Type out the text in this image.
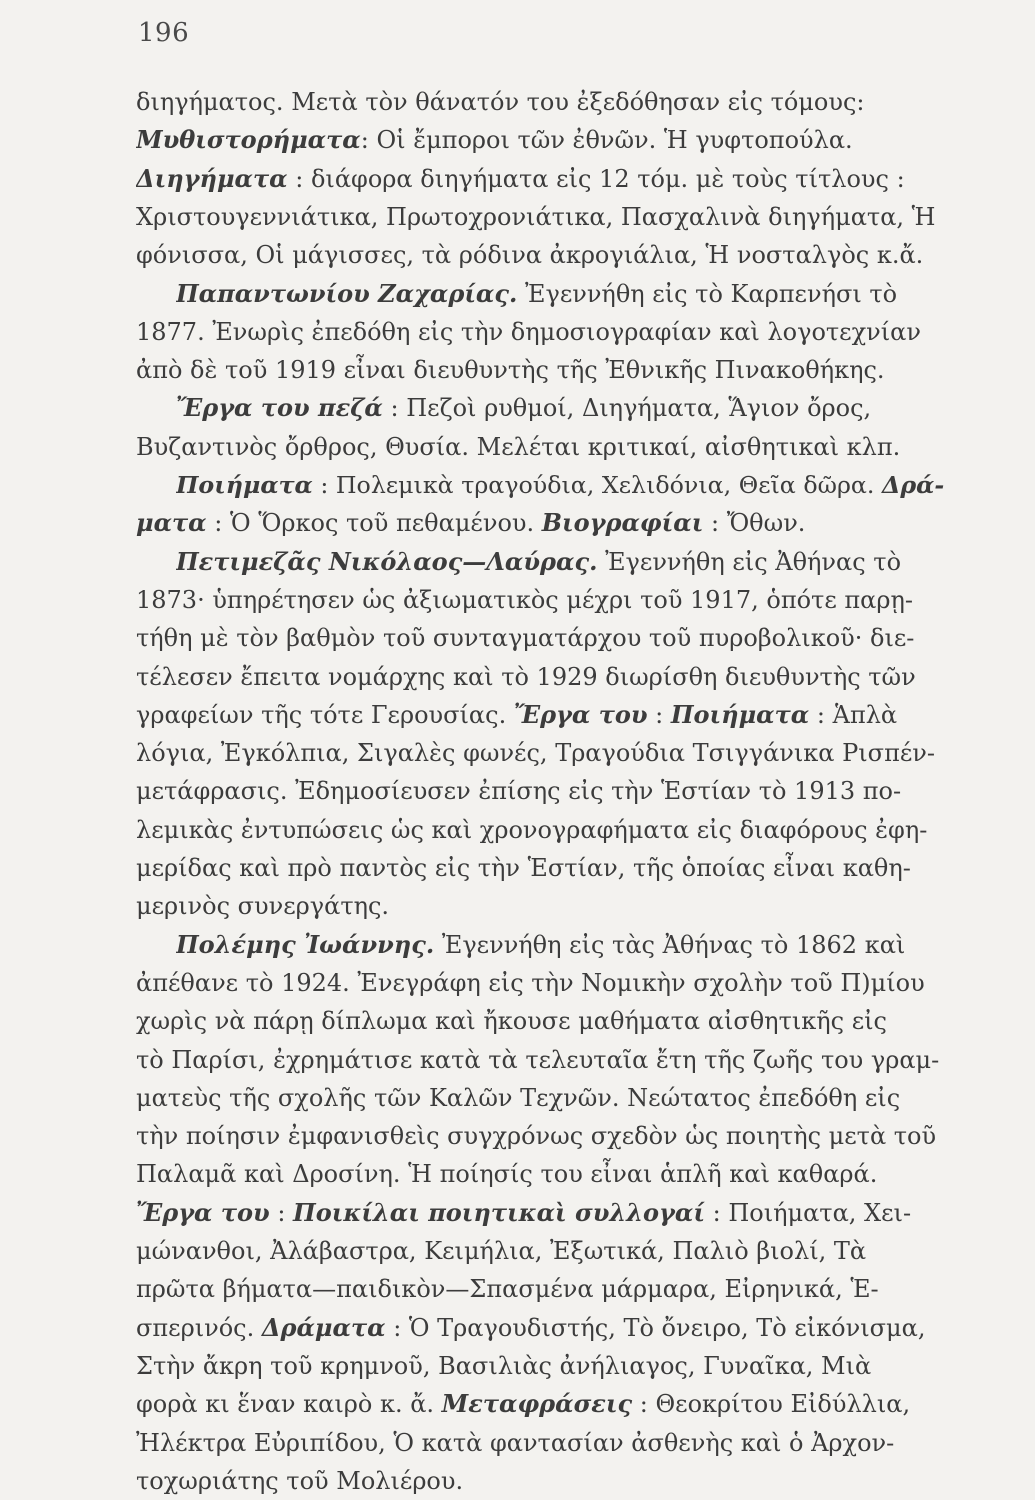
196
διηγήματος. Μετὰ τὸν θάνατόν του ἐξεδόθησαν εἰς τόμους:
Μυθιστορήματα: Οἱ ἔμποροι τῶν ἐθνῶν. Ἡ γυφτοπούλα.
Διηγήματα : διάφορα διηγήματα εἰς 12 τόμ. μὲ τοὺς τίτλους :
Χριστουγεννιάτικα, Πρωτοχρονιάτικα, Πασχαλινὰ διηγήματα, Ἡ
φόνισσα, Οἱ μάγισσες, τὰ ρόδινα ἀκρογιάλια, Ἡ νοσταλγὸς κ.ἄ.
Παπαντωνίου Ζαχαρίας. Ἐγεννήθη εἰς τὸ Καρπενήσι τὸ
1877. Ἐνωρὶς ἐπεδόθη εἰς τὴν δημοσιογραφίαν καὶ λογοτεχνίαν
ἀπὸ δὲ τοῦ 1919 εἶναι διευθυντὴς τῆς Ἐθνικῆς Πινακοθήκης.
Ἔργα του πεζά : Πεζοὶ ρυθμοί, Διηγήματα, Ἅγιον ὄρος,
Βυζαντινὸς ὄρθρος, Θυσία. Μελέται κριτικαί, αἰσθητικαὶ κλπ.
Ποιήματα : Πολεμικὰ τραγούδια, Χελιδόνια, Θεῖα δῶρα. Δρά-
ματα : Ὁ Ὅρκος τοῦ πεθαμένου. Βιογραφίαι : Ὄθων.
Πετιμεζᾶς Νικόλαος—Λαύρας. Ἐγεννήθη εἰς Ἀθήνας τὸ
1873· ὑπηρέτησεν ὡς ἀξιωματικὸς μέχρι τοῦ 1917, ὁπότε παρῃ-
τήθη μὲ τὸν βαθμὸν τοῦ συνταγματάρχου τοῦ πυροβολικοῦ· διε-
τέλεσεν ἔπειτα νομάρχης καὶ τὸ 1929 διωρίσθη διευθυντὴς τῶν
γραφείων τῆς τότε Γερουσίας. Ἔργα του : Ποιήματα : Ἁπλὰ
λόγια, Ἐγκόλπια, Σιγαλὲς φωνές, Τραγούδια Τσιγγάνικα Ρισπέν-
μετάφρασις. Ἐδημοσίευσεν ἐπίσης εἰς τὴν Ἑστίαν τὸ 1913 πο-
λεμικὰς ἐντυπώσεις ὡς καὶ χρονογραφήματα εἰς διαφόρους ἐφη-
μερίδας καὶ πρὸ παντὸς εἰς τὴν Ἑστίαν, τῆς ὁποίας εἶναι καθη-
μερινὸς συνεργάτης.
Πολέμης Ἰωάννης. Ἐγεννήθη εἰς τὰς Ἀθήνας τὸ 1862 καὶ
ἀπέθανε τὸ 1924. Ἐνεγράφη εἰς τὴν Νομικὴν σχολὴν τοῦ Π)μίου
χωρὶς νὰ πάρῃ δίπλωμα καὶ ἤκουσε μαθήματα αἰσθητικῆς εἰς
τὸ Παρίσι, ἐχρημάτισε κατὰ τὰ τελευταῖα ἔτη τῆς ζωῆς του γραμ-
ματεὺς τῆς σχολῆς τῶν Καλῶν Τεχνῶν. Νεώτατος ἐπεδόθη εἰς
τὴν ποίησιν ἐμφανισθεὶς συγχρόνως σχεδὸν ὡς ποιητὴς μετὰ τοῦ
Παλαμᾶ καὶ Δροσίνη. Ἡ ποίησίς του εἶναι ἁπλῆ καὶ καθαρά.
Ἔργα του : Ποικίλαι ποιητικαὶ συλλογαί : Ποιήματα, Χει-
μώνανθοι, Ἀλάβαστρα, Κειμήλια, Ἐξωτικά, Παλιὸ βιολί, Τὰ
πρῶτα βήματα—παιδικὸν—Σπασμένα μάρμαρα, Εἰρηνικά, Ἑ-
σπερινός. Δράματα : Ὁ Τραγουδιστής, Τὸ ὄνειρο, Τὸ εἰκόνισμα,
Στὴν ἄκρη τοῦ κρημνοῦ, Βασιλιὰς ἀνήλιαγος, Γυναῖκα, Μιὰ
φορὰ κι ἕναν καιρὸ κ. ἄ. Μεταφράσεις : Θεοκρίτου Εἰδύλλια,
Ἠλέκτρα Εὐριπίδου, Ὁ κατὰ φαντασίαν ἀσθενὴς καὶ ὁ Ἀρχον-
τοχωριάτης τοῦ Μολιέρου.
